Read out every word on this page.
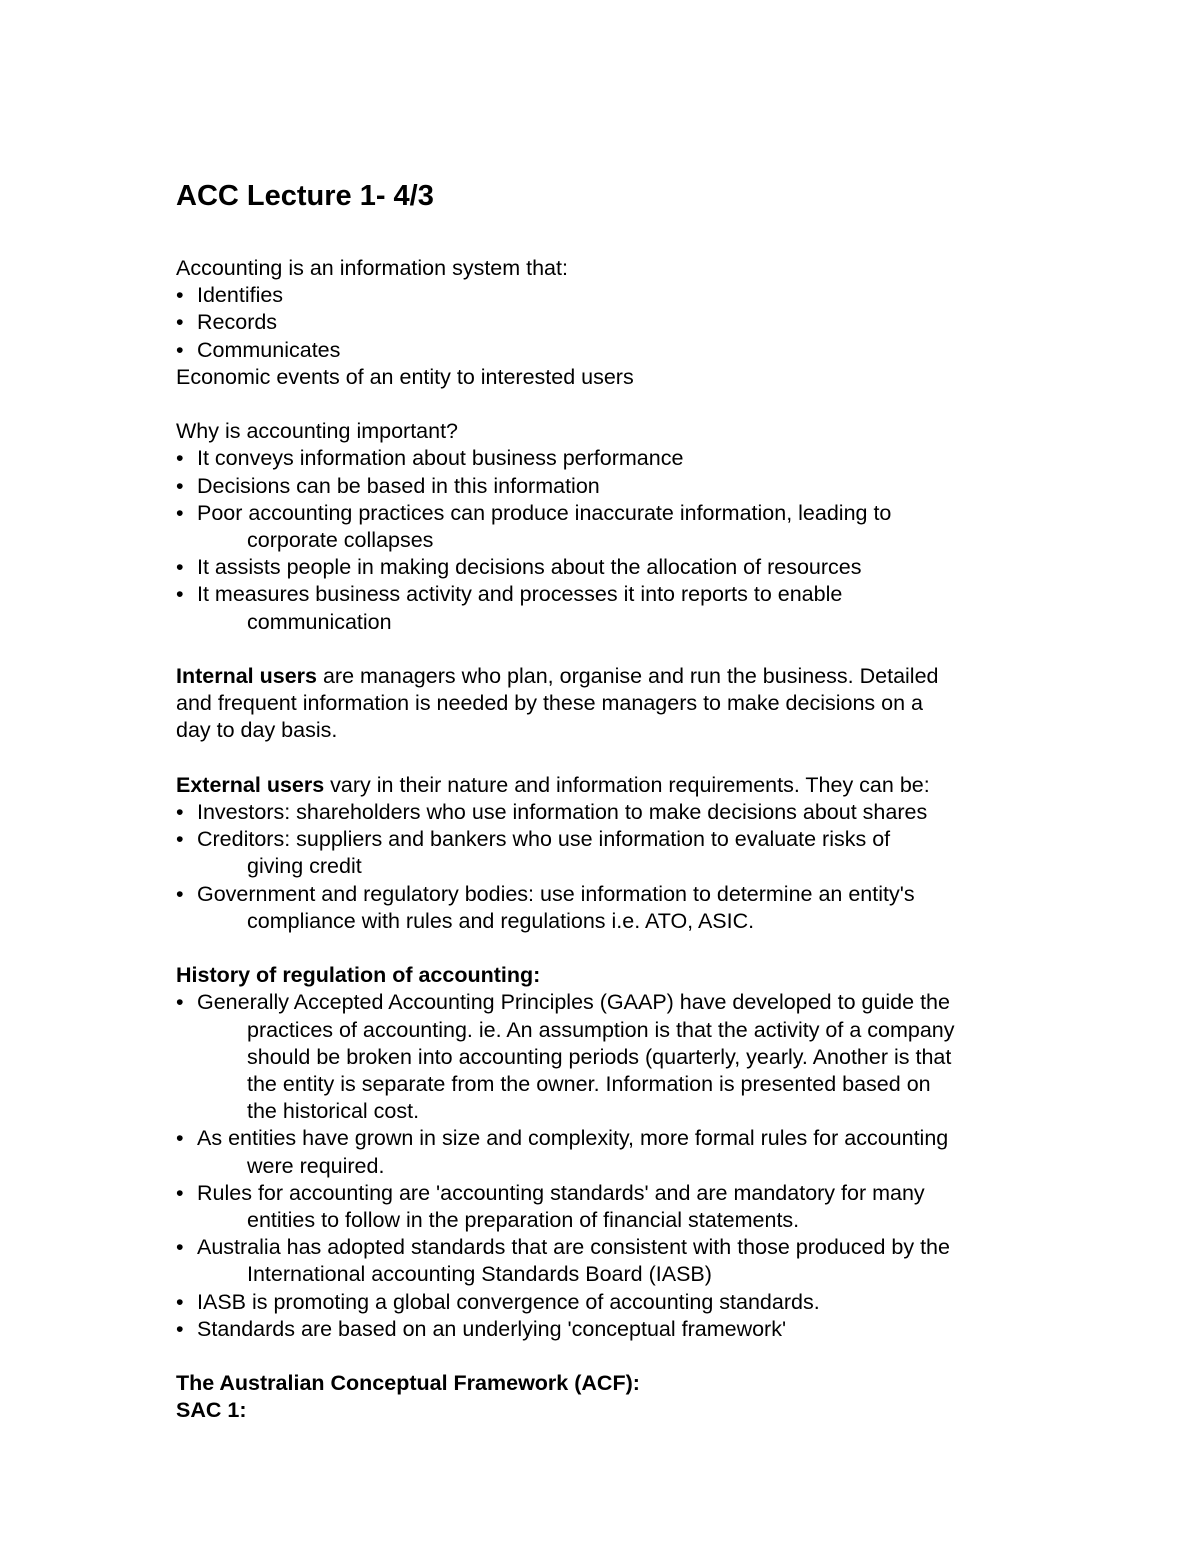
ACC Lecture 1- 4/3

Accounting is an information system that:

• Identifies
• Records
• Communicates

Economic events of an entity to interested users

Why is accounting important?

• It conveys information about business performance

• Decisions can be based in this information

• Poor accounting practices can produce inaccurate information, leading to

corporate collapses

• It assists people in making decisions about the allocation of resources

• It measures business activity and processes it into reports to enable

communication

Internal users are managers who plan, organise and run the business. Detailed

and frequent information is needed by these managers to make decisions on a

day to day basis.

External users vary in their nature and information requirements. They can be:

• Investors: shareholders who use information to make decisions about shares

• Creditors: suppliers and bankers who use information to evaluate risks of

giving credit

• Government and regulatory bodies: use information to determine an entity's

compliance with rules and regulations i.e. ATO, ASIC.

History of regulation of accounting:

• Generally Accepted Accounting Principles (GAAP) have developed to guide the

practices of accounting. ie. An assumption is that the activity of a company

should be broken into accounting periods (quarterly, yearly. Another is that

the entity is separate from the owner. Information is presented based on

the historical cost.

• As entities have grown in size and complexity, more formal rules for accounting

were required.

• Rules for accounting are 'accounting standards' and are mandatory for many

entities to follow in the preparation of financial statements.

• Australia has adopted standards that are consistent with those produced by the

International accounting Standards Board (IASB)

• IASB is promoting a global convergence of accounting standards.

• Standards are based on an underlying 'conceptual framework'

The Australian Conceptual Framework (ACF):

SAC 1:
